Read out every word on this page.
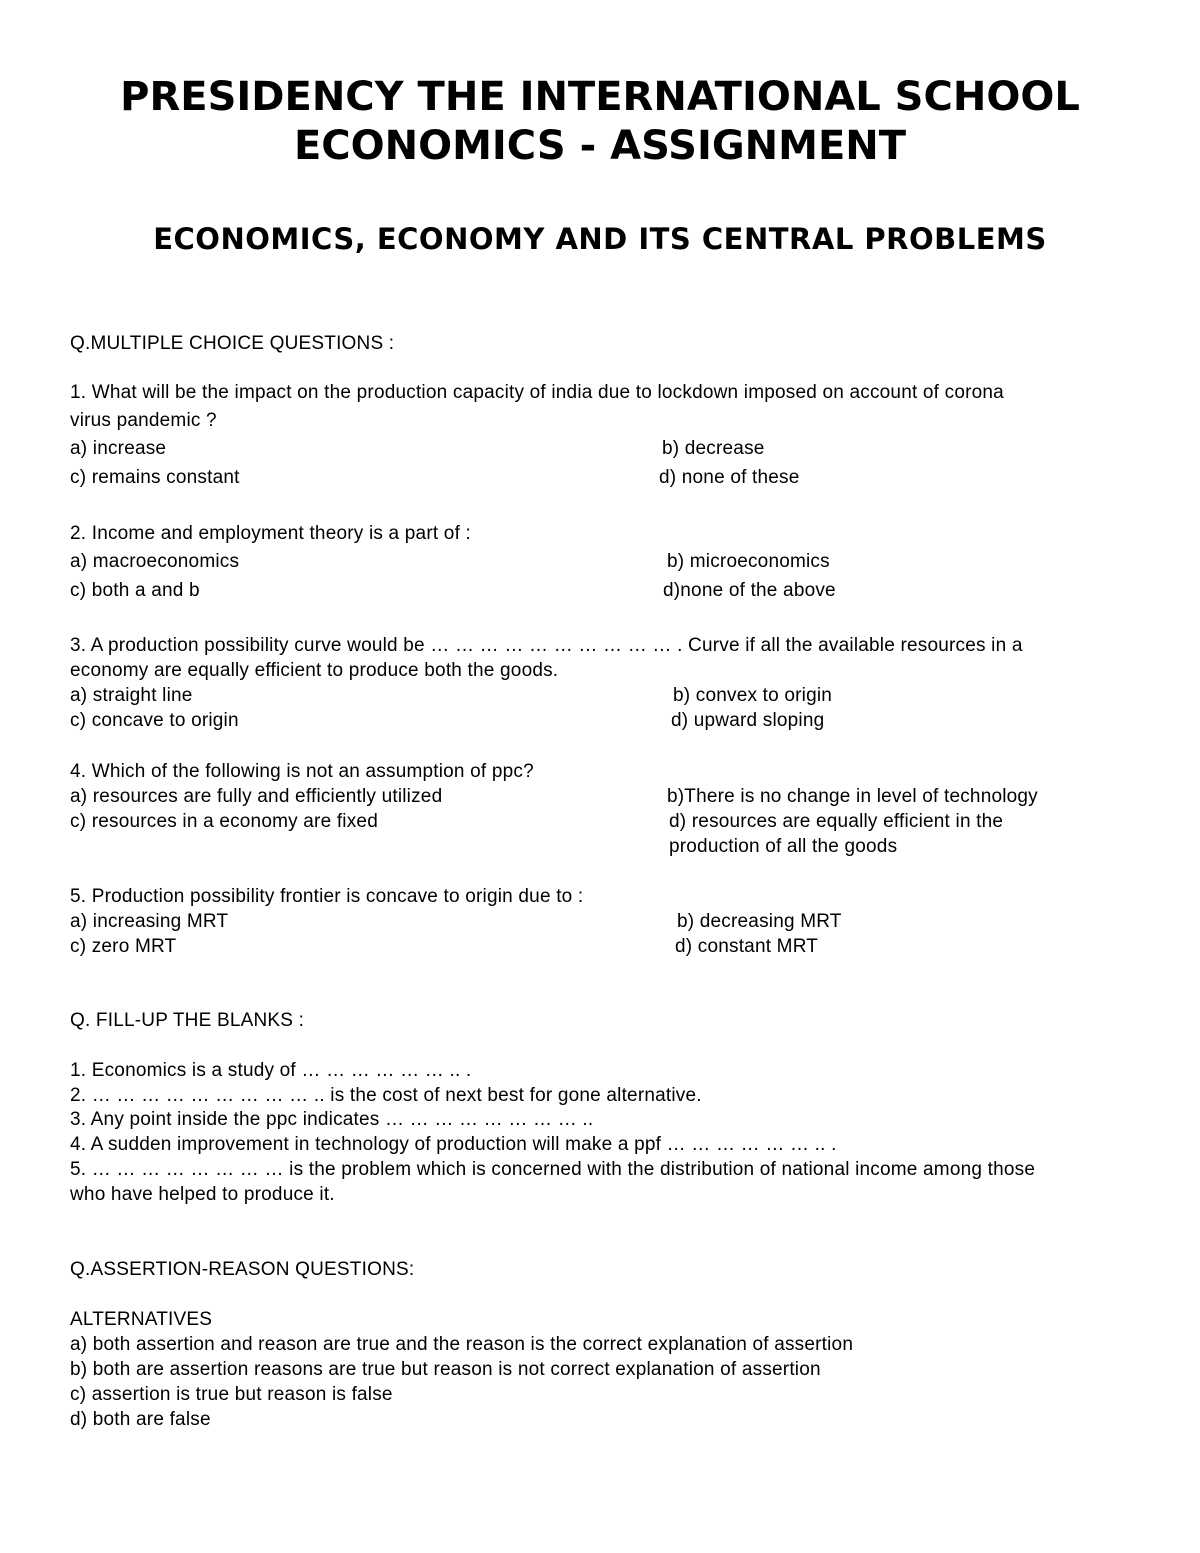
PRESIDENCY THE INTERNATIONAL SCHOOL
ECONOMICS - ASSIGNMENT
ECONOMICS, ECONOMY AND ITS CENTRAL PROBLEMS
Q.MULTIPLE CHOICE QUESTIONS :
1. What will be the impact on the production capacity of india due to lockdown imposed on account of corona
virus pandemic ?
a) increase	b) decrease
c) remains constant	d) none of these
2. Income and employment theory is a part of :
a) macroeconomics	b) microeconomics
c) both a and b	d)none of the above
3. A production possibility curve would be … … … … … … … … … … . Curve if all the available resources in a
economy are equally efficient to produce both the goods.
a) straight line	b) convex to origin
c) concave to origin	d) upward sloping
4. Which of the following is not an assumption of ppc?
a) resources are fully and efficiently utilized	b)There is no change in level of technology
c) resources in a economy are fixed	d) resources are equally efficient in the
production of all the goods
5. Production possibility frontier is concave to origin due to :
a) increasing MRT	b) decreasing MRT
c) zero MRT	d) constant MRT
Q. FILL-UP THE BLANKS :
1. Economics is a study of … … … … … … .. .
2. … … … … … … … … … .. is the cost of next best for gone alternative.
3. Any point inside the ppc indicates … … … … … … … … ..
4. A sudden improvement in technology of production will make a ppf … … … … … … .. .
5. … … … … … … … … is the problem which is concerned with the distribution of national income among those
who have helped to produce it.
Q.ASSERTION-REASON QUESTIONS:
ALTERNATIVES
a) both assertion and reason are true and the reason is the correct explanation of assertion
b) both are assertion reasons are true but reason is not correct explanation of assertion
c) assertion is true but reason is false
d) both are false
